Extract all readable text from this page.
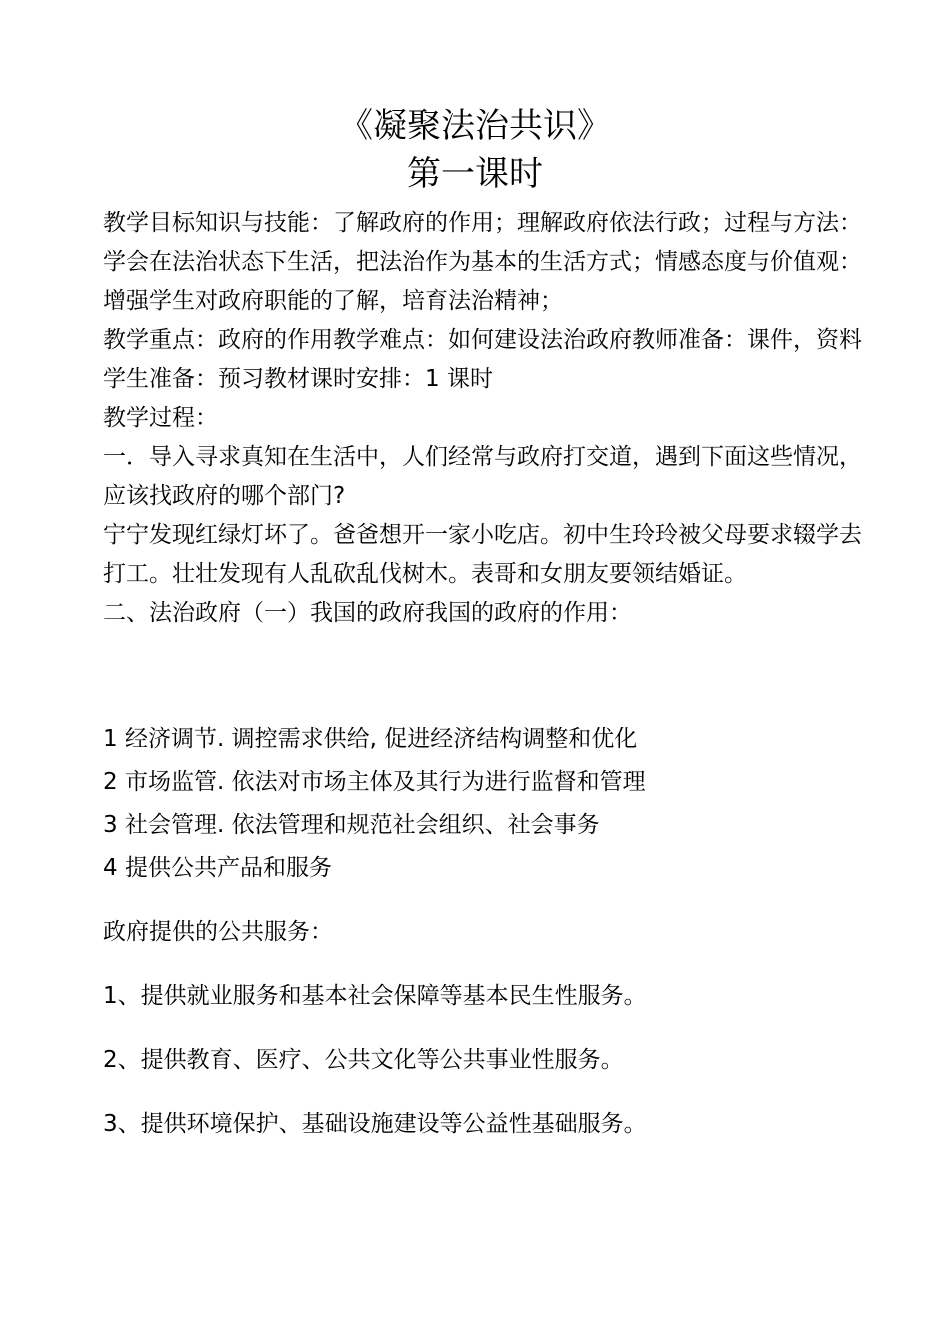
《凝聚法治共识》
第一课时

教学目标知识与技能：了解政府的作用；理解政府依法行政；过程与方法：学会在法治状态下生活，把法治作为基本的生活方式；情感态度与价值观：增强学生对政府职能的了解，培育法治精神；

教学重点：政府的作用教学难点：如何建设法治政府教师准备：课件，资料学生准备：预习教材课时安排：1 课时

教学过程：

一．导入寻求真知在生活中，人们经常与政府打交道，遇到下面这些情况，应该找政府的哪个部门?

宁宁发现红绿灯坏了。爸爸想开一家小吃店。初中生玲玲被父母要求辍学去打工。壮壮发现有人乱砍乱伐树木。表哥和女朋友要领结婚证。

二、法治政府（一）我国的政府我国的政府的作用：

1 经济调节. 调控需求供给, 促进经济结构调整和优化

2 市场监管. 依法对市场主体及其行为进行监督和管理

3 社会管理. 依法管理和规范社会组织、社会事务

4 提供公共产品和服务

政府提供的公共服务：

1、提供就业服务和基本社会保障等基本民生性服务。

2、提供教育、医疗、公共文化等公共事业性服务。

3、提供环境保护、基础设施建设等公益性基础服务。
